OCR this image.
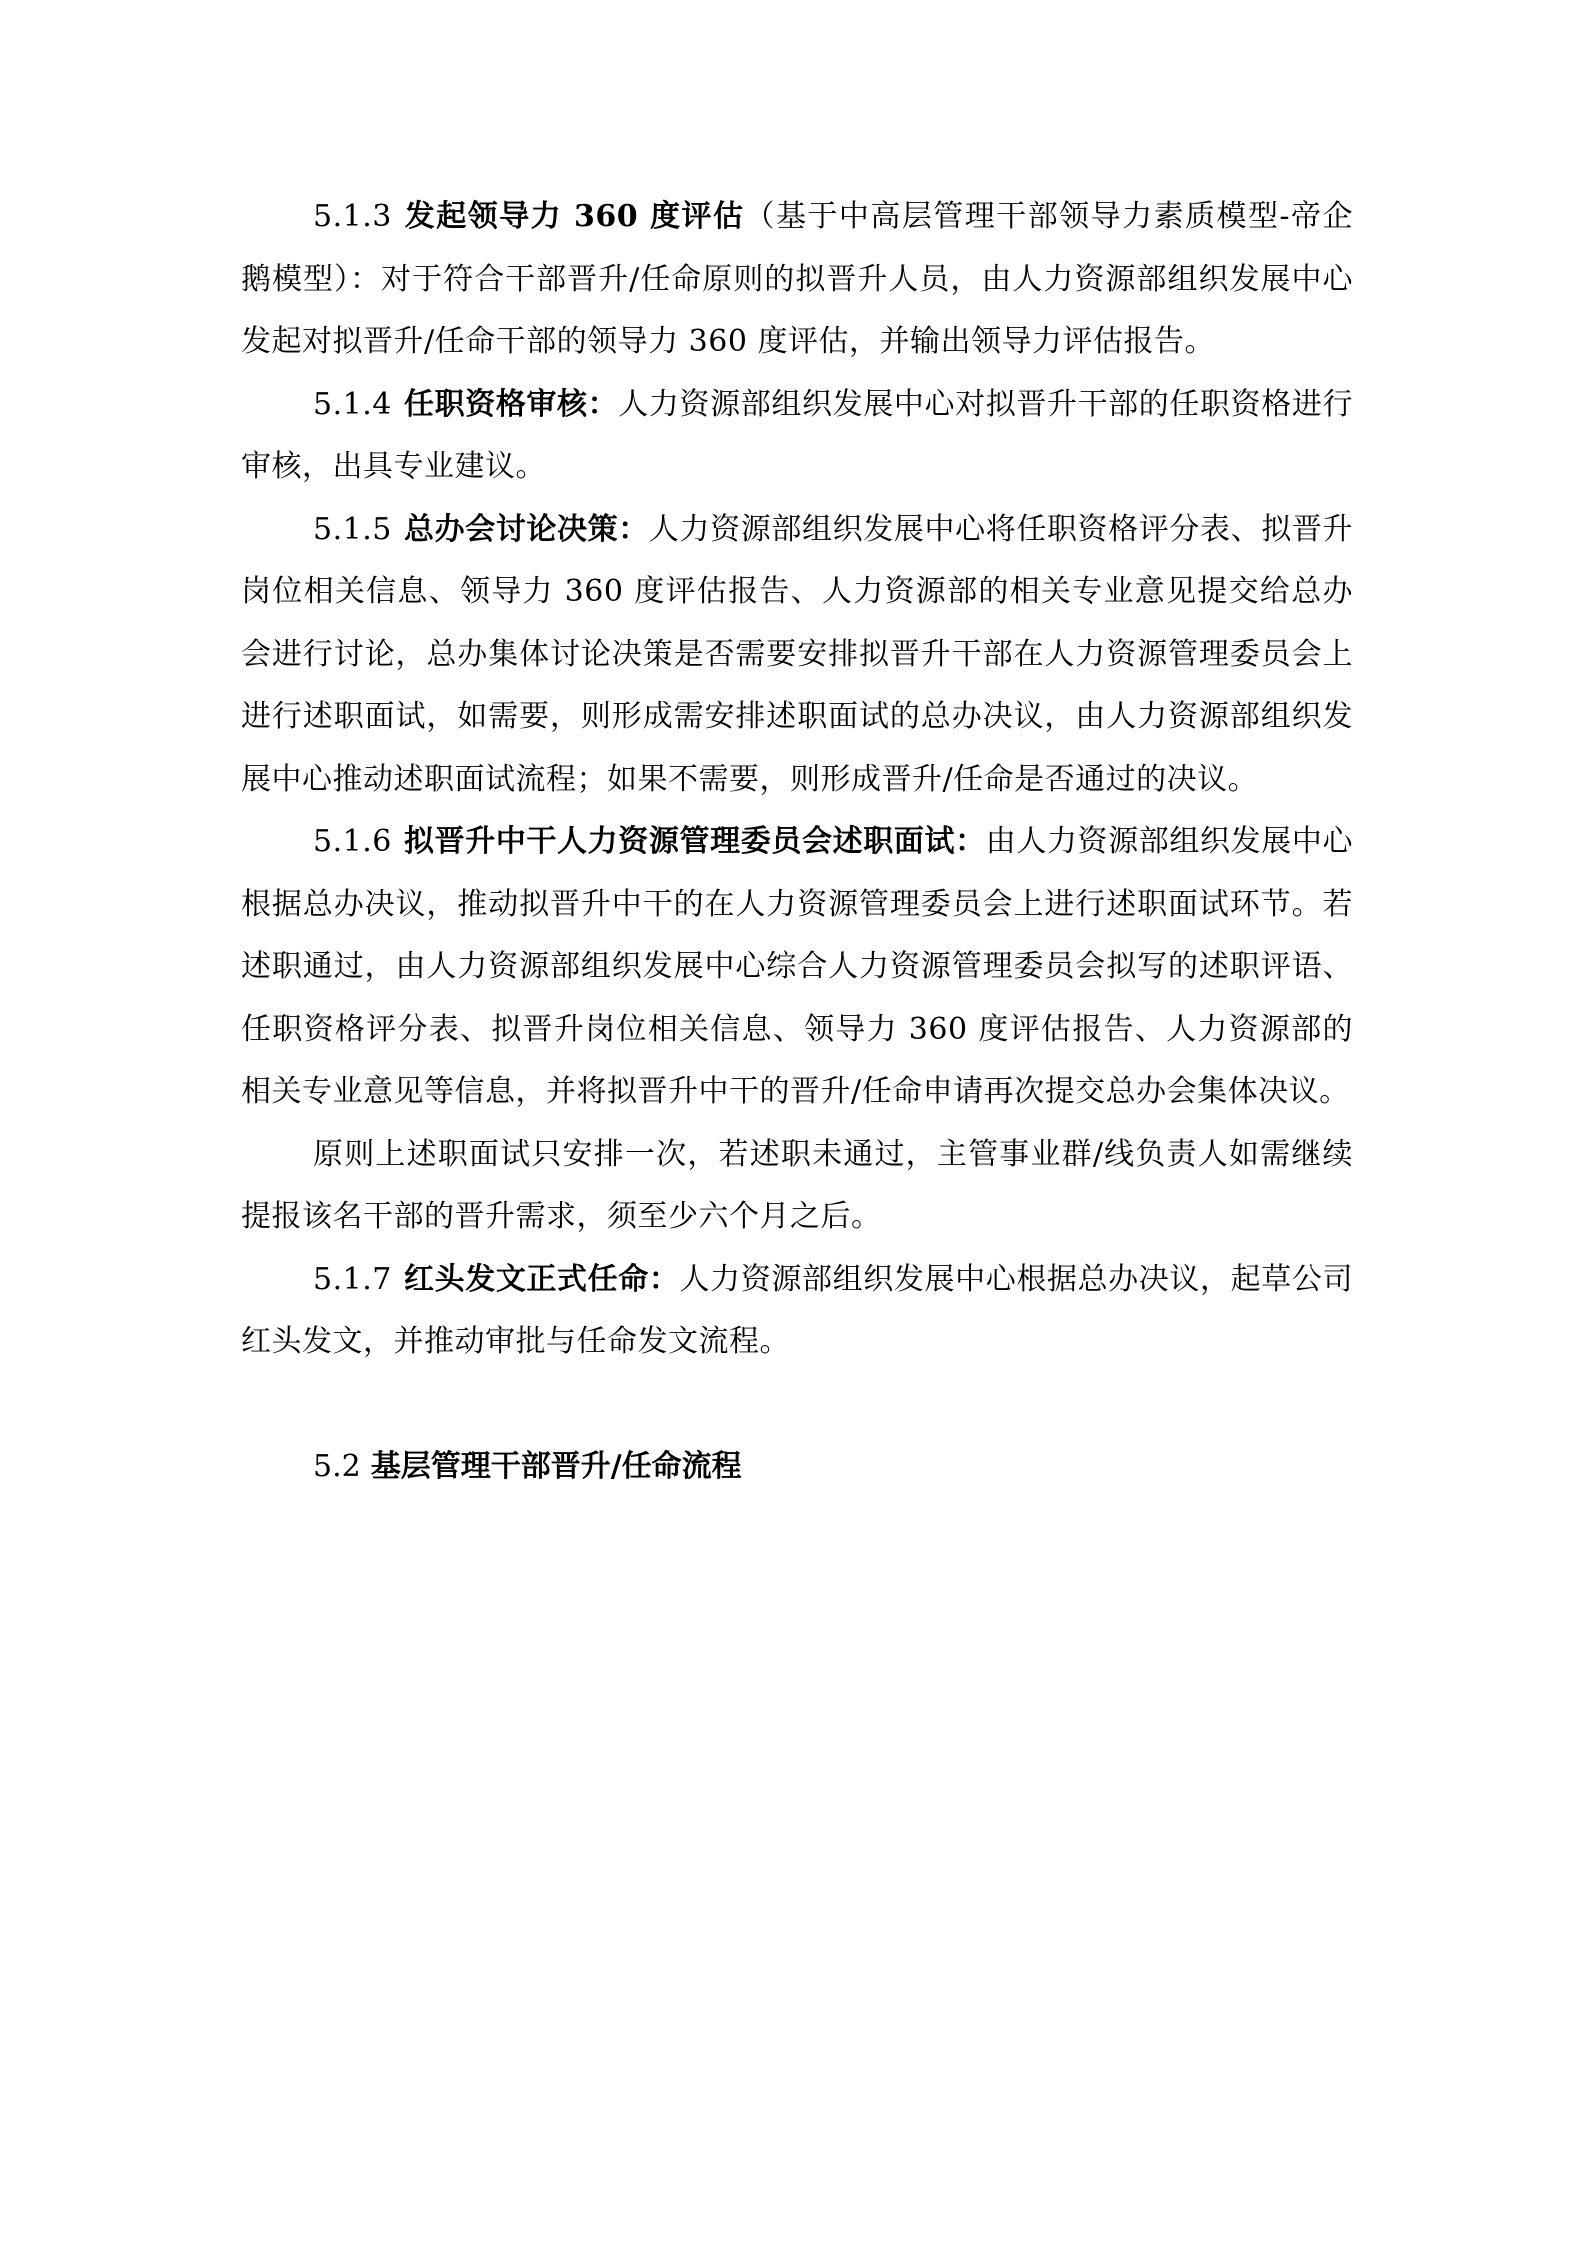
5.1.3 发起领导力 360 度评估（基于中高层管理干部领导力素质模型-帝企鹅模型）：对于符合干部晋升/任命原则的拟晋升人员，由人力资源部组织发展中心发起对拟晋升/任命干部的领导力 360 度评估，并输出领导力评估报告。

5.1.4 任职资格审核：人力资源部组织发展中心对拟晋升干部的任职资格进行审核，出具专业建议。

5.1.5 总办会讨论决策：人力资源部组织发展中心将任职资格评分表、拟晋升岗位相关信息、领导力 360 度评估报告、人力资源部的相关专业意见提交给总办会进行讨论，总办集体讨论决策是否需要安排拟晋升干部在人力资源管理委员会上进行述职面试，如需要，则形成需安排述职面试的总办决议，由人力资源部组织发展中心推动述职面试流程；如果不需要，则形成晋升/任命是否通过的决议。

5.1.6 拟晋升中干人力资源管理委员会述职面试：由人力资源部组织发展中心根据总办决议，推动拟晋升中干的在人力资源管理委员会上进行述职面试环节。若述职通过，由人力资源部组织发展中心综合人力资源管理委员会拟写的述职评语、任职资格评分表、拟晋升岗位相关信息、领导力 360 度评估报告、人力资源部的相关专业意见等信息，并将拟晋升中干的晋升/任命申请再次提交总办会集体决议。

原则上述职面试只安排一次，若述职未通过，主管事业群/线负责人如需继续提报该名干部的晋升需求，须至少六个月之后。

5.1.7 红头发文正式任命：人力资源部组织发展中心根据总办决议，起草公司红头发文，并推动审批与任命发文流程。

5.2 基层管理干部晋升/任命流程
